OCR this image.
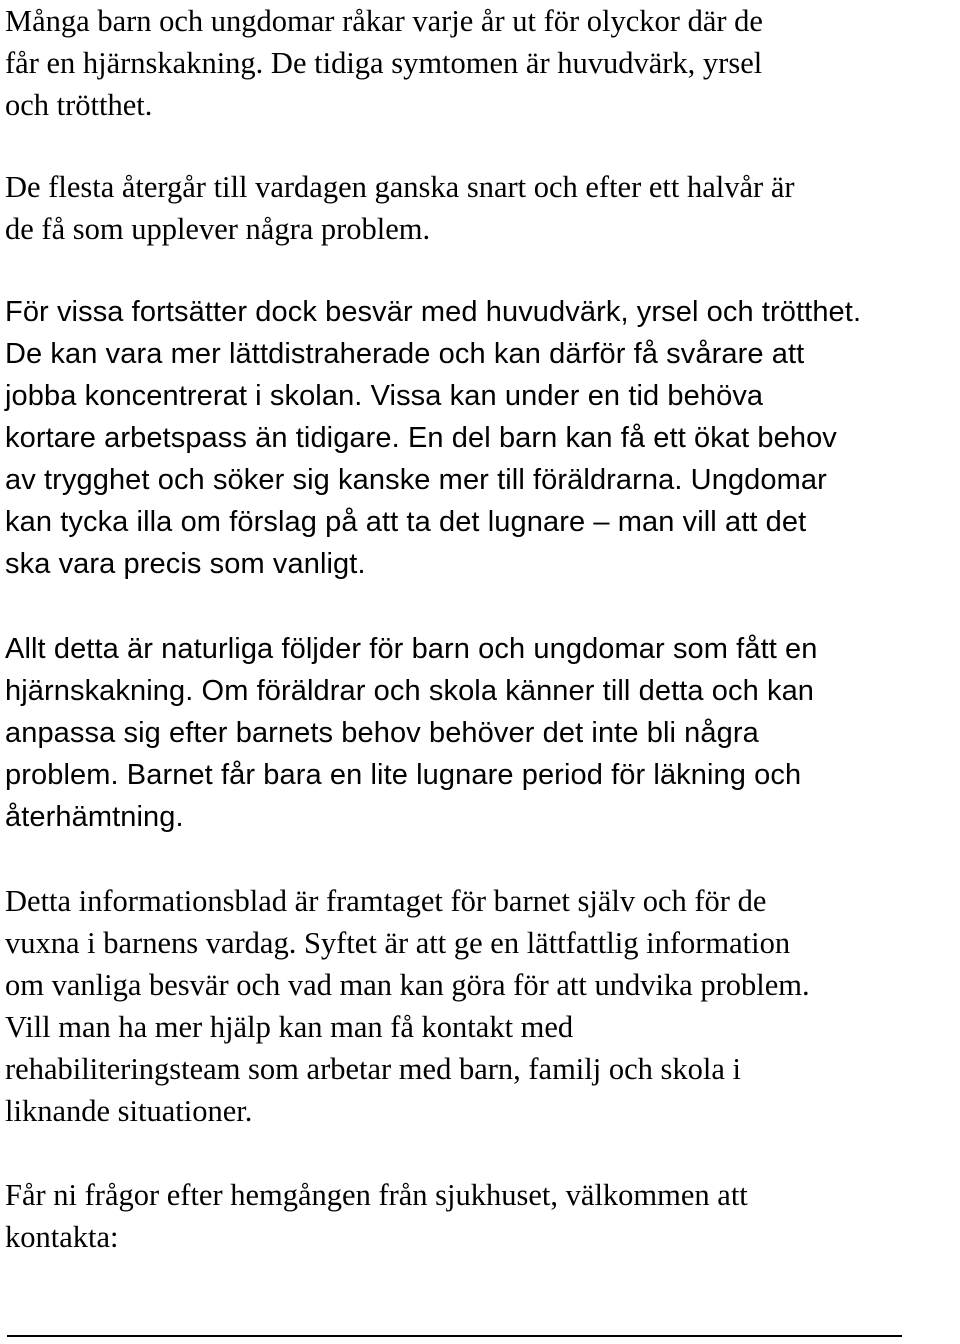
Många barn och ungdomar råkar varje år ut för olyckor där de
får en hjärnskakning. De tidiga symtomen är huvudvärk, yrsel
och trötthet.

De flesta återgår till vardagen ganska snart och efter ett halvår är
de få som upplever några problem.

För vissa fortsätter dock besvär med huvudvärk, yrsel och trötthet.
De kan vara mer lättdistraherade och kan därför få svårare att
jobba koncentrerat i skolan. Vissa kan under en tid behöva
kortare arbetspass än tidigare. En del barn kan få ett ökat behov
av trygghet och söker sig kanske mer till föräldrarna. Ungdomar
kan tycka illa om förslag på att ta det lugnare – man vill att det
ska vara precis som vanligt.

Allt detta är naturliga följder för barn och ungdomar som fått en
hjärnskakning. Om föräldrar och skola känner till detta och kan
anpassa sig efter barnets behov behöver det inte bli några
problem. Barnet får bara en lite lugnare period för läkning och
återhämtning.

Detta informationsblad är framtaget för barnet själv och för de
vuxna i barnens vardag. Syftet är att ge en lättfattlig information
om vanliga besvär och vad man kan göra för att undvika problem.
Vill man ha mer hjälp kan man få kontakt med
rehabiliteringsteam som arbetar med barn, familj och skola i
liknande situationer.

Får ni frågor efter hemgången från sjukhuset, välkommen att
kontakta:
